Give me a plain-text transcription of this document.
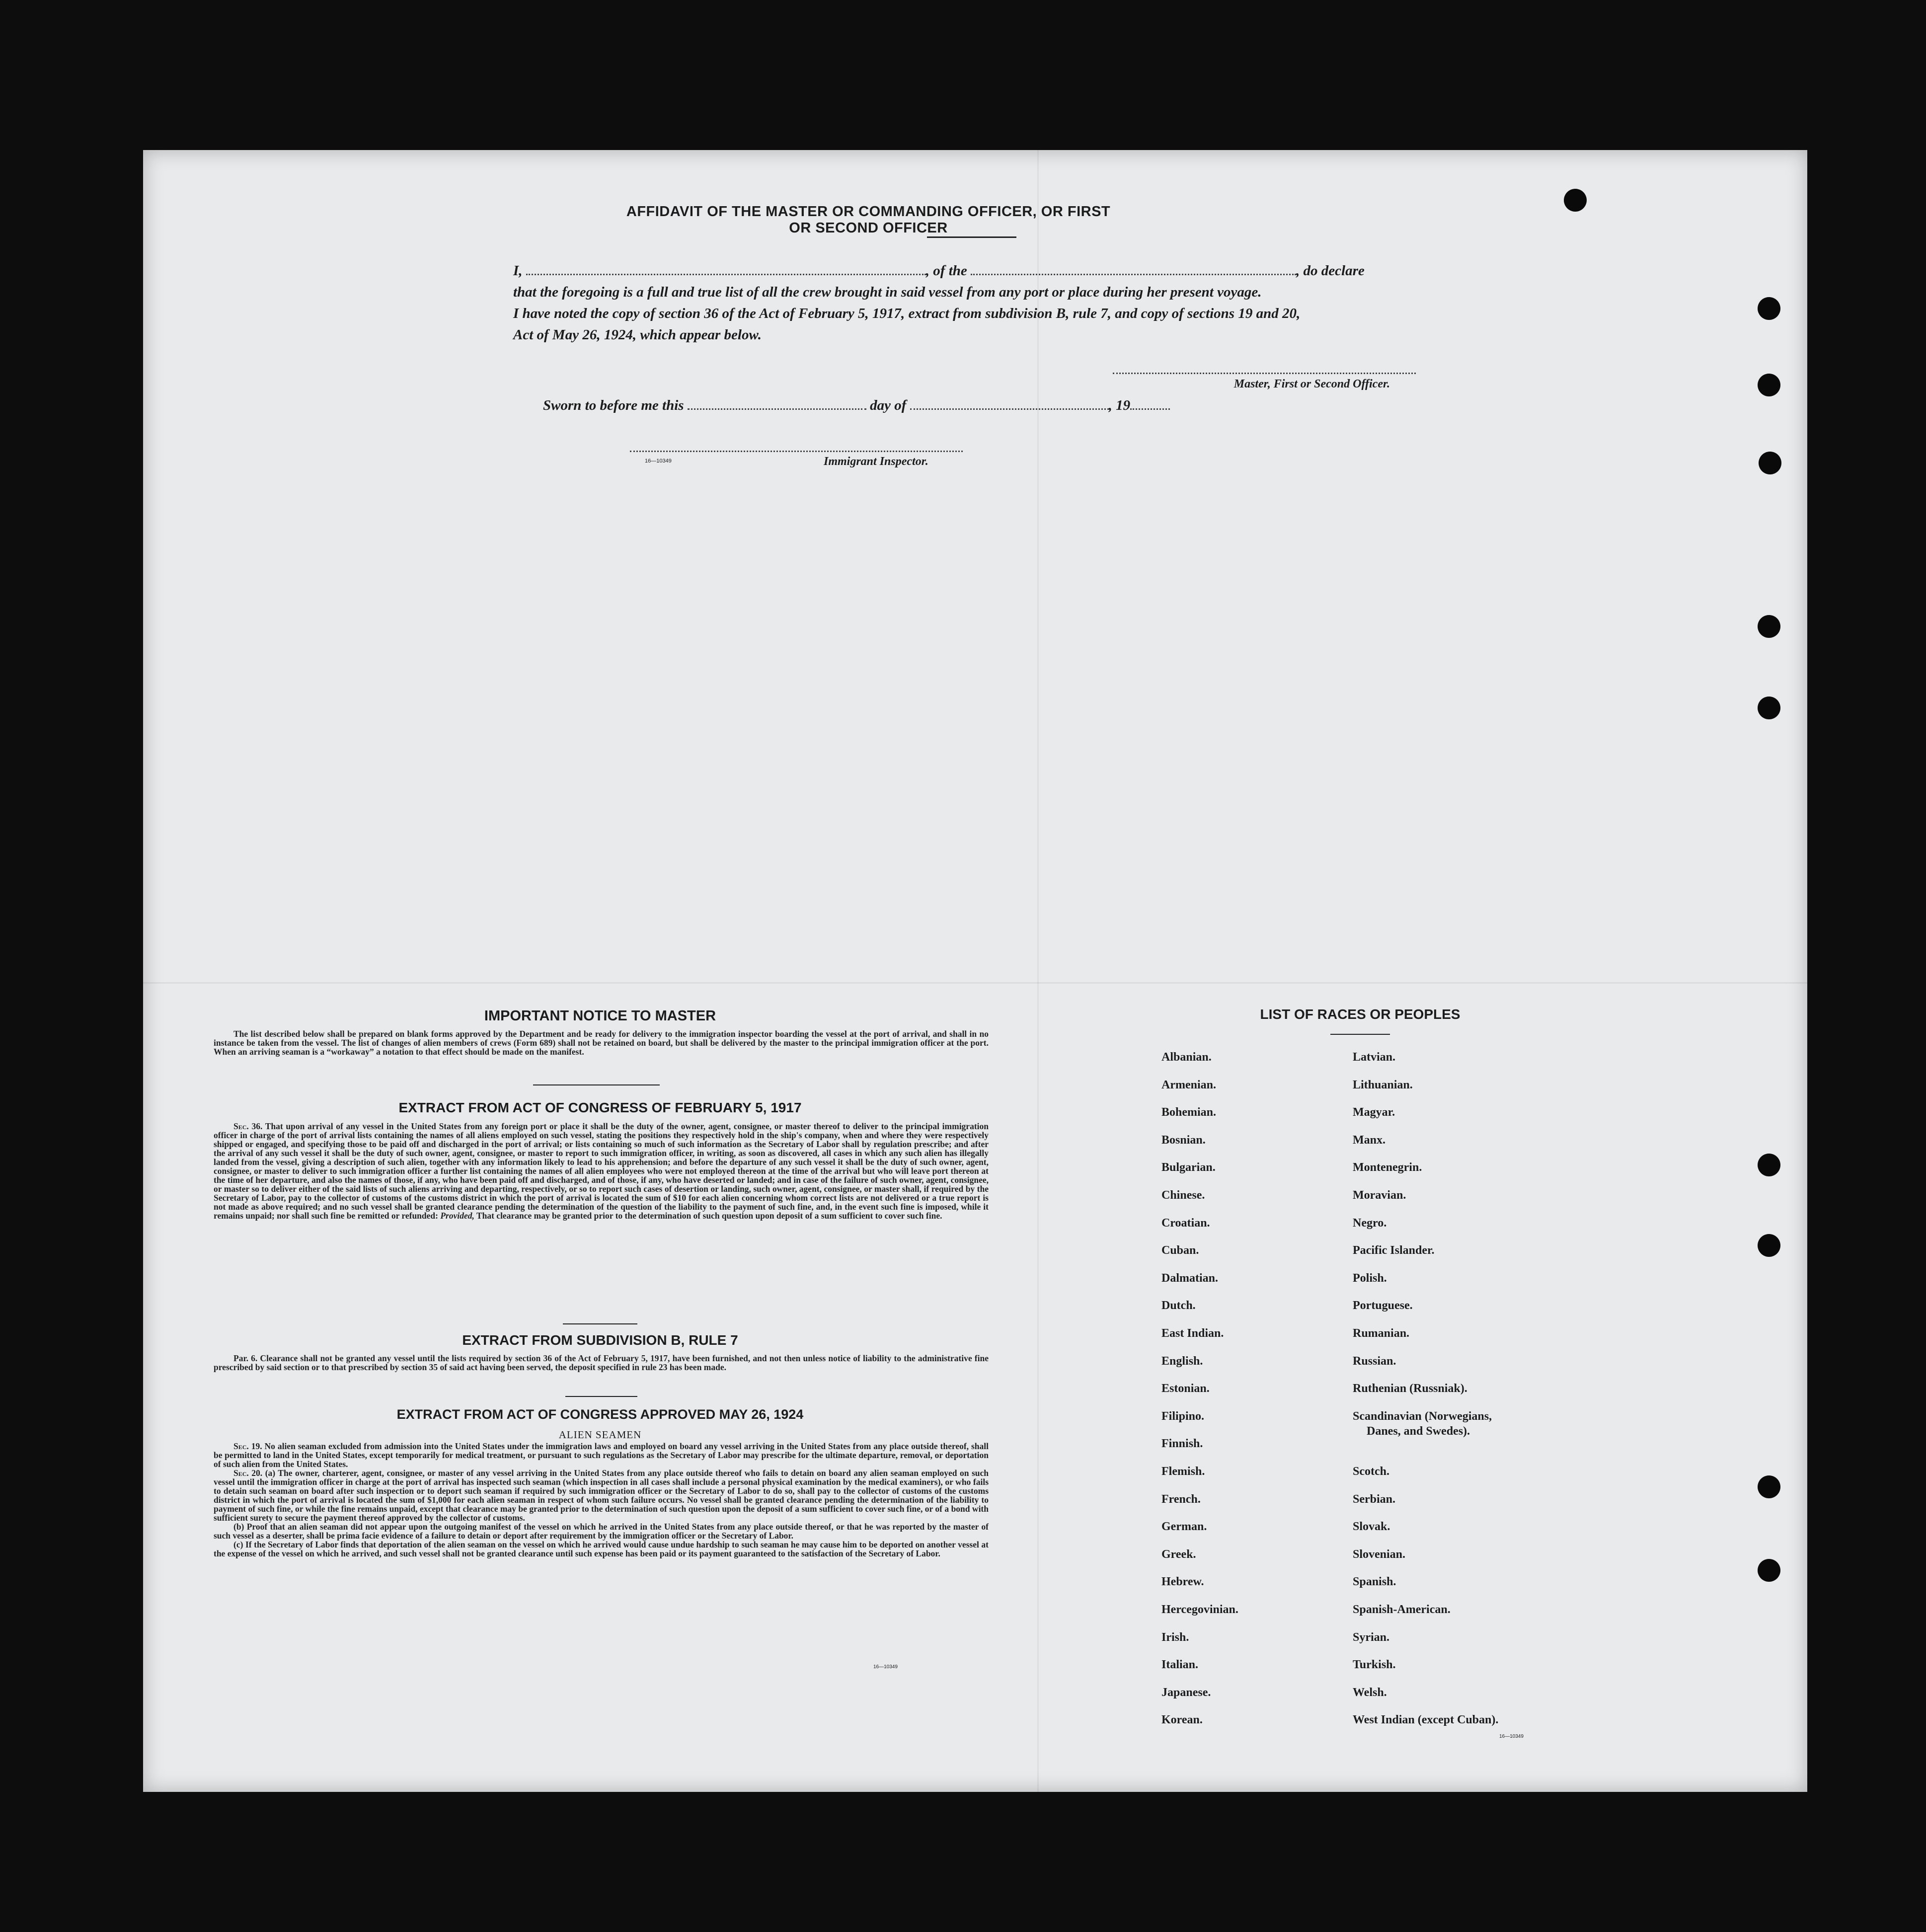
AFFIDAVIT OF THE MASTER OR COMMANDING OFFICER, OR FIRST OR SECOND OFFICER
I,	, of the	, do declare
that the foregoing is a full and true list of all the crew brought in said vessel from any port or place during her present voyage.
I have noted the copy of section 36 of the Act of February 5, 1917, extract from subdivision B, rule 7, and copy of sections 19 and 20,
Act of May 26, 1924, which appear below.
Master, First or Second Officer.
Sworn to before me this	day of	, 19
16—10349	Immigrant Inspector.
IMPORTANT NOTICE TO MASTER

The list described below shall be prepared on blank forms approved by the Department and be ready for delivery to the immigration inspector boarding the vessel at the port of arrival, and shall in no instance be taken from the vessel. The list of changes of alien members of crews (Form 689) shall not be retained on board, but shall be delivered by the master to the principal immigration officer at the port. When an arriving seaman is a “workaway” a notation to that effect should be made on the manifest.

EXTRACT FROM ACT OF CONGRESS OF FEBRUARY 5, 1917

Sec. 36. That upon arrival of any vessel in the United States from any foreign port or place it shall be the duty of the owner, agent, consignee, or master thereof to deliver to the principal immigration officer in charge of the port of arrival lists containing the names of all aliens employed on such vessel, stating the positions they respectively hold in the ship's company, when and where they were respectively shipped or engaged, and specifying those to be paid off and discharged in the port of arrival; or lists containing so much of such information as the Secretary of Labor shall by regulation prescribe; and after the arrival of any such vessel it shall be the duty of such owner, agent, consignee, or master to report to such immigration officer, in writing, as soon as discovered, all cases in which any such alien has illegally landed from the vessel, giving a description of such alien, together with any information likely to lead to his apprehension; and before the departure of any such vessel it shall be the duty of such owner, agent, consignee, or master to deliver to such immigration officer a further list containing the names of all alien employees who were not employed thereon at the time of the arrival but who will leave port thereon at the time of her departure, and also the names of those, if any, who have been paid off and discharged, and of those, if any, who have deserted or landed; and in case of the failure of such owner, agent, consignee, or master so to deliver either of the said lists of such aliens arriving and departing, respectively, or so to report such cases of desertion or landing, such owner, agent, consignee, or master shall, if required by the Secretary of Labor, pay to the collector of customs of the customs district in which the port of arrival is located the sum of $10 for each alien concerning whom correct lists are not delivered or a true report is not made as above required; and no such vessel shall be granted clearance pending the determination of the question of the liability to the payment of such fine, and, in the event such fine is imposed, while it remains unpaid; nor shall such fine be remitted or refunded: Provided, That clearance may be granted prior to the determination of such question upon deposit of a sum sufficient to cover such fine.

EXTRACT FROM SUBDIVISION B, RULE 7

Par. 6. Clearance shall not be granted any vessel until the lists required by section 36 of the Act of February 5, 1917, have been furnished, and not then unless notice of liability to the administrative fine prescribed by said section or to that prescribed by section 35 of said act having been served, the deposit specified in rule 23 has been made.

EXTRACT FROM ACT OF CONGRESS APPROVED MAY 26, 1924
ALIEN SEAMEN

Sec. 19. No alien seaman excluded from admission into the United States under the immigration laws and employed on board any vessel arriving in the United States from any place outside thereof, shall be permitted to land in the United States, except temporarily for medical treatment, or pursuant to such regulations as the Secretary of Labor may prescribe for the ultimate departure, removal, or deportation of such alien from the United States.

Sec. 20. (a) The owner, charterer, agent, consignee, or master of any vessel arriving in the United States from any place outside thereof who fails to detain on board any alien seaman employed on such vessel until the immigration officer in charge at the port of arrival has inspected such seaman (which inspection in all cases shall include a personal physical examination by the medical examiners), or who fails to detain such seaman on board after such inspection or to deport such seaman if required by such immigration officer or the Secretary of Labor to do so, shall pay to the collector of customs of the customs district in which the port of arrival is located the sum of $1,000 for each alien seaman in respect of whom such failure occurs. No vessel shall be granted clearance pending the determination of the liability to payment of such fine, or while the fine remains unpaid, except that clearance may be granted prior to the determination of such question upon the deposit of a sum sufficient to cover such fine, or of a bond with sufficient surety to secure the payment thereof approved by the collector of customs.

(b) Proof that an alien seaman did not appear upon the outgoing manifest of the vessel on which he arrived in the United States from any place outside thereof, or that he was reported by the master of such vessel as a deserter, shall be prima facie evidence of a failure to detain or deport after requirement by the immigration officer or the Secretary of Labor.

(c) If the Secretary of Labor finds that deportation of the alien seaman on the vessel on which he arrived would cause undue hardship to such seaman he may cause him to be deported on another vessel at the expense of the vessel on which he arrived, and such vessel shall not be granted clearance until such expense has been paid or its payment guaranteed to the satisfaction of the Secretary of Labor.

16—10349
LIST OF RACES OR PEOPLES
16—10349
Albanian.
Armenian.
Bohemian.
Bosnian.
Bulgarian.
Chinese.
Croatian.
Cuban.
Dalmatian.
Dutch.
East Indian.
English.
Estonian.
Filipino.
Finnish.
Flemish.
French.
German.
Greek.
Hebrew.
Hercegovinian.
Irish.
Italian.
Japanese.
Korean.
Latvian.
Lithuanian.
Magyar.
Manx.
Montenegrin.
Moravian.
Negro.
Pacific Islander.
Polish.
Portuguese.
Rumanian.
Russian.
Ruthenian (Russniak).
Scandinavian (Norwegians,
Danes, and Swedes).
Scotch.
Serbian.
Slovak.
Slovenian.
Spanish.
Spanish-American.
Syrian.
Turkish.
Welsh.
West Indian (except Cuban).
